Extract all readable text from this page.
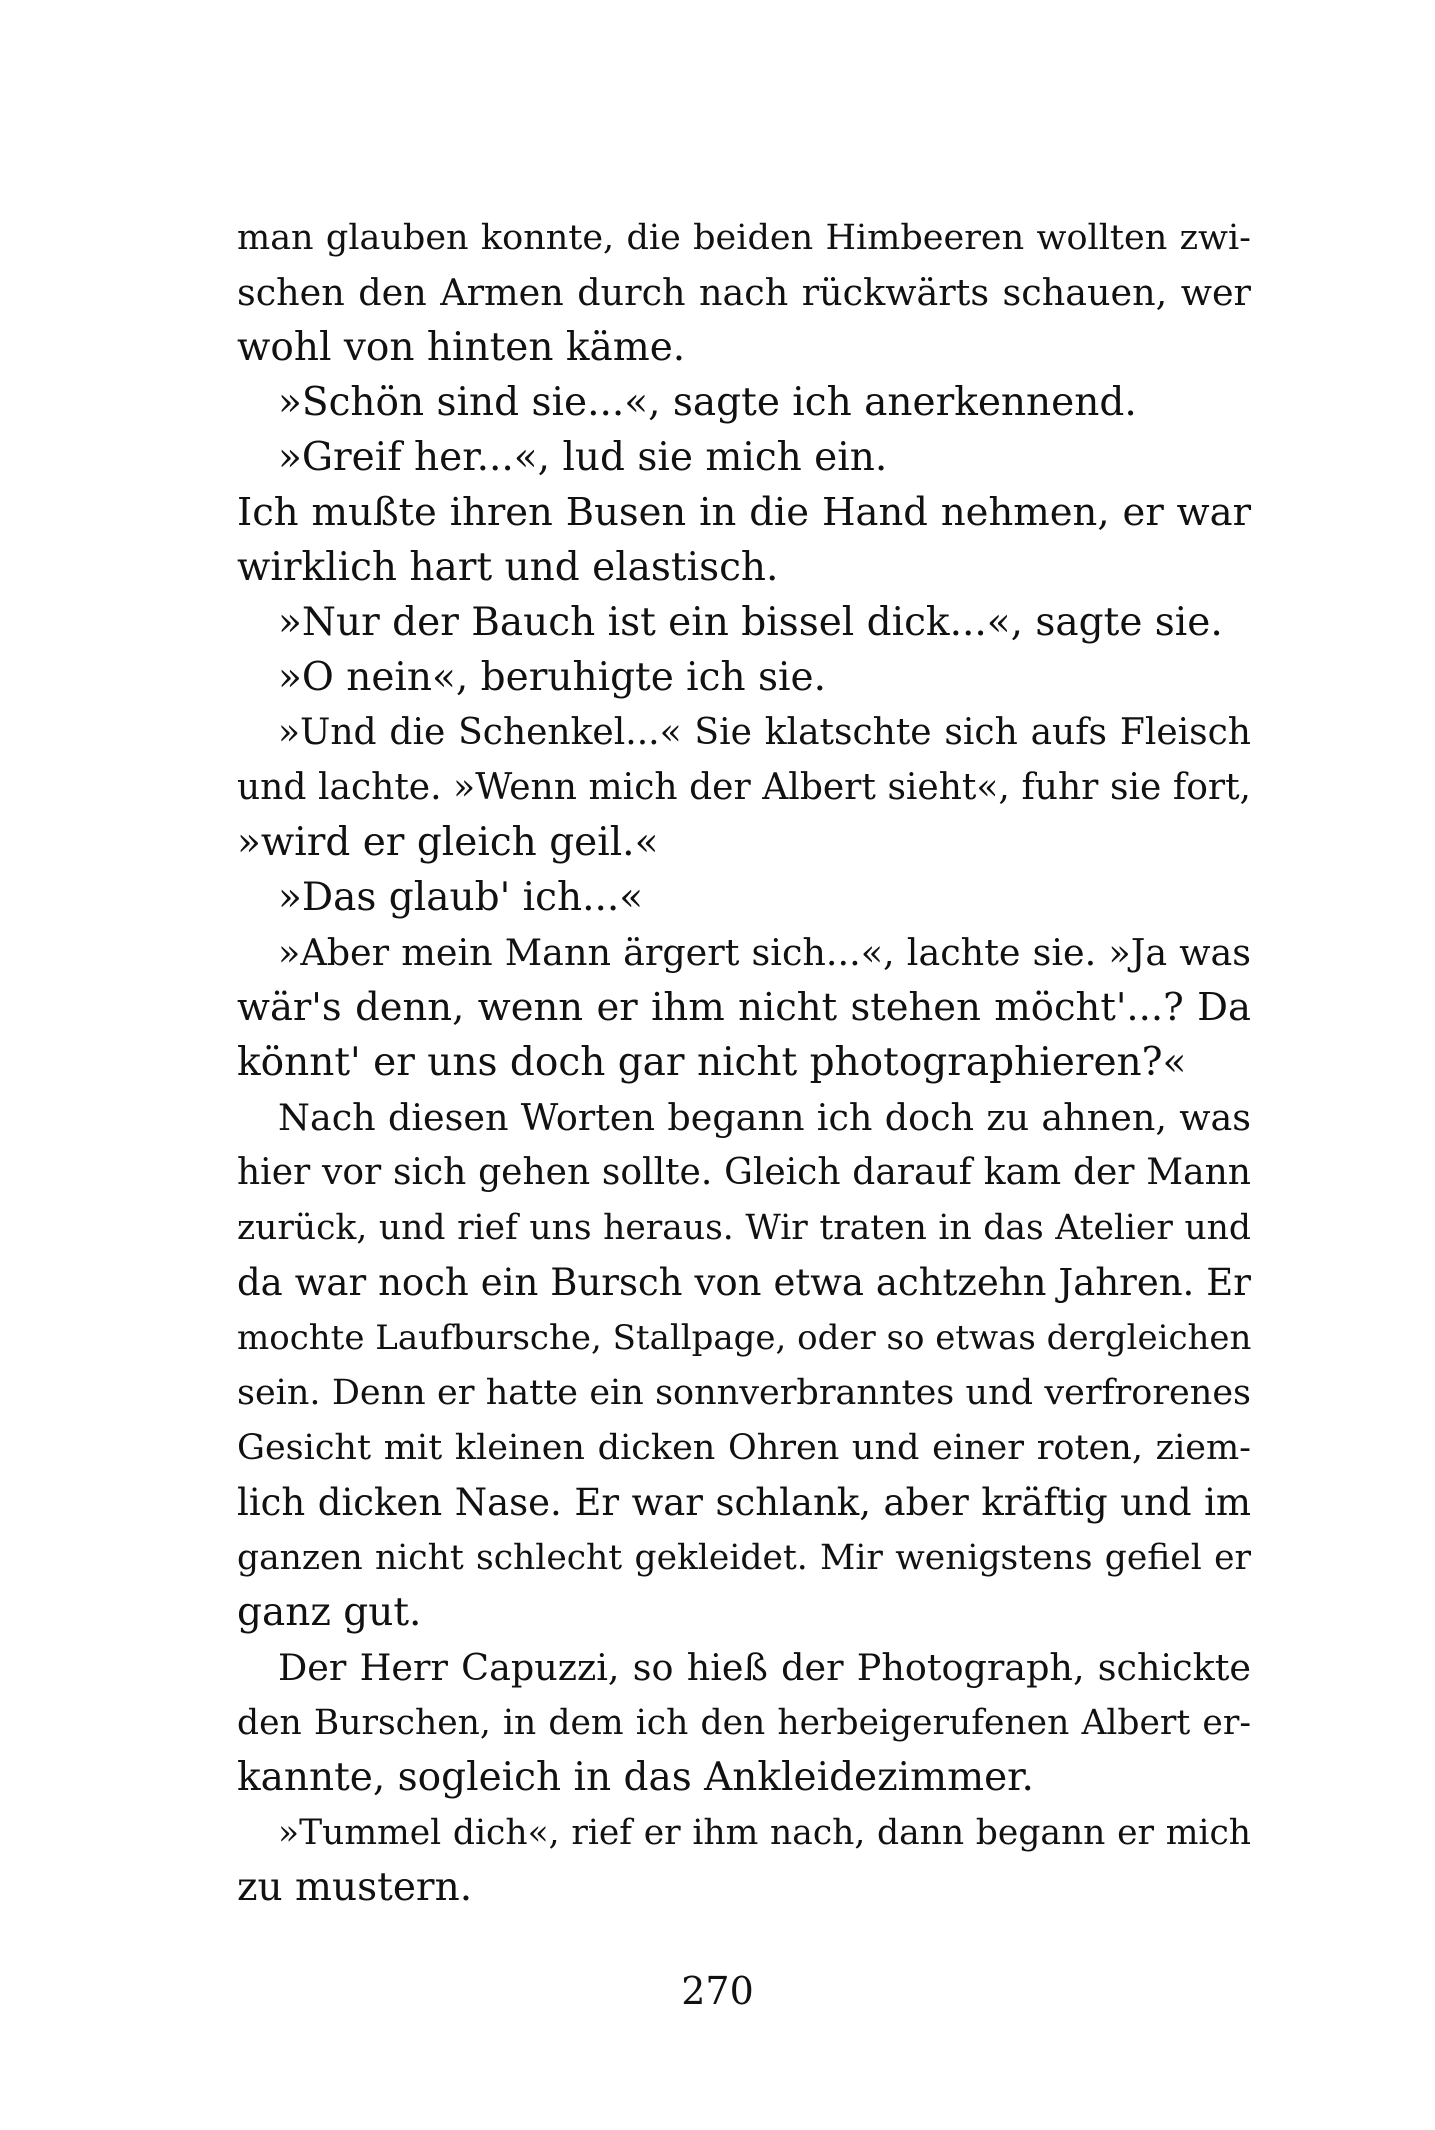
man glauben konnte, die beiden Himbeeren wollten zwi-
schen den Armen durch nach rückwärts schauen, wer
wohl von hinten käme.
»Schön sind sie...«, sagte ich anerkennend.
»Greif her...«, lud sie mich ein.
Ich mußte ihren Busen in die Hand nehmen, er war
wirklich hart und elastisch.
»Nur der Bauch ist ein bissel dick...«, sagte sie.
»O nein«, beruhigte ich sie.
»Und die Schenkel...« Sie klatschte sich aufs Fleisch
und lachte. »Wenn mich der Albert sieht«, fuhr sie fort,
»wird er gleich geil.«
»Das glaub' ich...«
»Aber mein Mann ärgert sich...«, lachte sie. »Ja was
wär's denn, wenn er ihm nicht stehen möcht'...? Da
könnt' er uns doch gar nicht photographieren?«
Nach diesen Worten begann ich doch zu ahnen, was
hier vor sich gehen sollte. Gleich darauf kam der Mann
zurück, und rief uns heraus. Wir traten in das Atelier und
da war noch ein Bursch von etwa achtzehn Jahren. Er
mochte Laufbursche, Stallpage, oder so etwas dergleichen
sein. Denn er hatte ein sonnverbranntes und verfrorenes
Gesicht mit kleinen dicken Ohren und einer roten, ziem-
lich dicken Nase. Er war schlank, aber kräftig und im
ganzen nicht schlecht gekleidet. Mir wenigstens gefiel er
ganz gut.
Der Herr Capuzzi, so hieß der Photograph, schickte
den Burschen, in dem ich den herbeigerufenen Albert er-
kannte, sogleich in das Ankleidezimmer.
»Tummel dich«, rief er ihm nach, dann begann er mich
zu mustern.
270
